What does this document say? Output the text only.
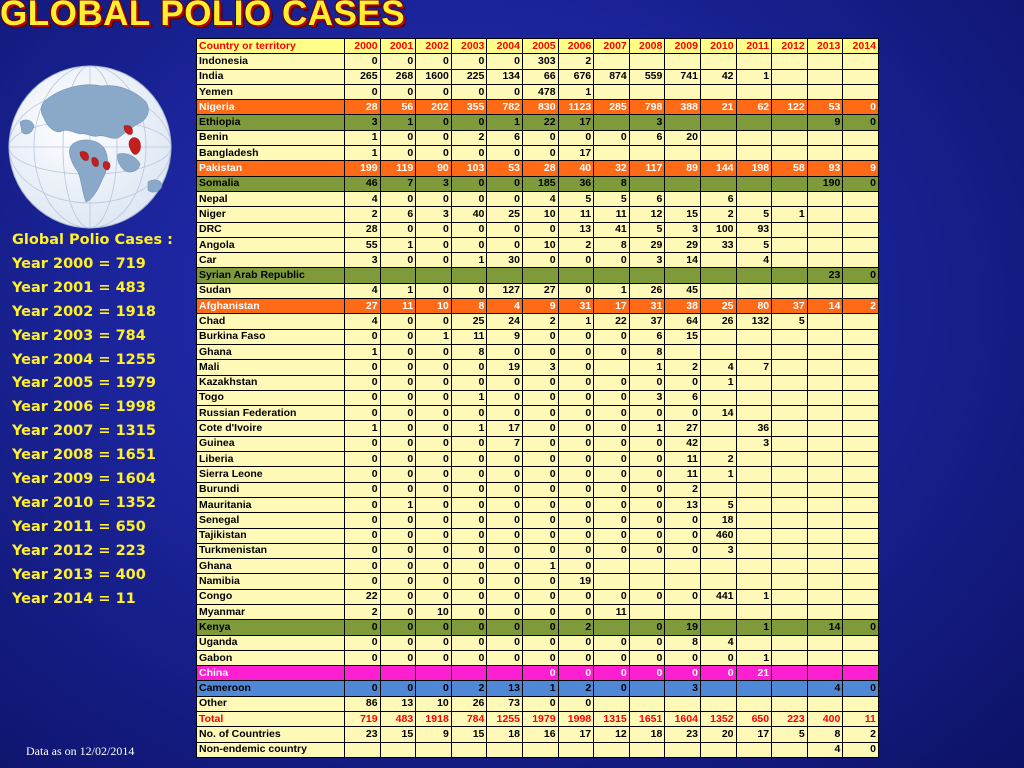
GLOBAL POLIO CASES
Global Polio Cases :
Year 2000 = 719
Year 2001 = 483
Year 2002 = 1918
Year 2003 = 784
Year 2004 = 1255
Year 2005 = 1979
Year 2006 = 1998
Year 2007 = 1315
Year 2008 = 1651
Year 2009 = 1604
Year 2010 = 1352
Year 2011 = 650
Year 2012 = 223
Year 2013 = 400
Year 2014 = 11
Country or territory	2000	2001	2002	2003	2004	2005	2006	2007	2008	2009	2010	2011	2012	2013	2014
Indonesia	0	0	0	0	0	303	2								
India	265	268	1600	225	134	66	676	874	559	741	42	1			
Yemen	0	0	0	0	0	478	1								
Nigeria	28	56	202	355	782	830	1123	285	798	388	21	62	122	53	0
Ethiopia	3	1	0	0	1	22	17		3					9	0
Benin	1	0	0	2	6	0	0	0	6	20					
Bangladesh	1	0	0	0	0	0	17								
Pakistan	199	119	90	103	53	28	40	32	117	89	144	198	58	93	9
Somalia	46	7	3	0	0	185	36	8						190	0
Nepal	4	0	0	0	0	4	5	5	6		6				
Niger	2	6	3	40	25	10	11	11	12	15	2	5	1		
DRC	28	0	0	0	0	0	13	41	5	3	100	93			
Angola	55	1	0	0	0	10	2	8	29	29	33	5			
Car	3	0	0	1	30	0	0	0	3	14		4			
Syrian Arab Republic														23	0
Sudan	4	1	0	0	127	27	0	1	26	45					
Afghanistan	27	11	10	8	4	9	31	17	31	38	25	80	37	14	2
Chad	4	0	0	25	24	2	1	22	37	64	26	132	5		
Burkina Faso	0	0	1	11	9	0	0	0	6	15					
Ghana	1	0	0	8	0	0	0	0	8						
Mali	0	0	0	0	19	3	0		1	2	4	7			
Kazakhstan	0	0	0	0	0	0	0	0	0	0	1				
Togo	0	0	0	1	0	0	0	0	3	6					
Russian Federation	0	0	0	0	0	0	0	0	0	0	14				
Cote d'Ivoire	1	0	0	1	17	0	0	0	1	27		36			
Guinea	0	0	0	0	7	0	0	0	0	42		3			
Liberia	0	0	0	0	0	0	0	0	0	11	2				
Sierra Leone	0	0	0	0	0	0	0	0	0	11	1				
Burundi	0	0	0	0	0	0	0	0	0	2					
Mauritania	0	1	0	0	0	0	0	0	0	13	5				
Senegal	0	0	0	0	0	0	0	0	0	0	18				
Tajikistan	0	0	0	0	0	0	0	0	0	0	460				
Turkmenistan	0	0	0	0	0	0	0	0	0	0	3				
Ghana	0	0	0	0	0	1	0								
Namibia	0	0	0	0	0	0	19								
Congo	22	0	0	0	0	0	0	0	0	0	441	1			
Myanmar	2	0	10	0	0	0	0	11							
Kenya	0	0	0	0	0	0	2		0	19		1		14	0
Uganda	0	0	0	0	0	0	0	0	0	8	4				
Gabon	0	0	0	0	0	0	0	0	0	0	0	1			
China						0	0	0	0	0	0	21			
Cameroon	0	0	0	2	13	1	2	0		3				4	0
Other	86	13	10	26	73	0	0								
Total	719	483	1918	784	1255	1979	1998	1315	1651	1604	1352	650	223	400	11
No. of Countries	23	15	9	15	18	16	17	12	18	23	20	17	5	8	2
Non-endemic country														4	0
Data as on 12/02/2014
